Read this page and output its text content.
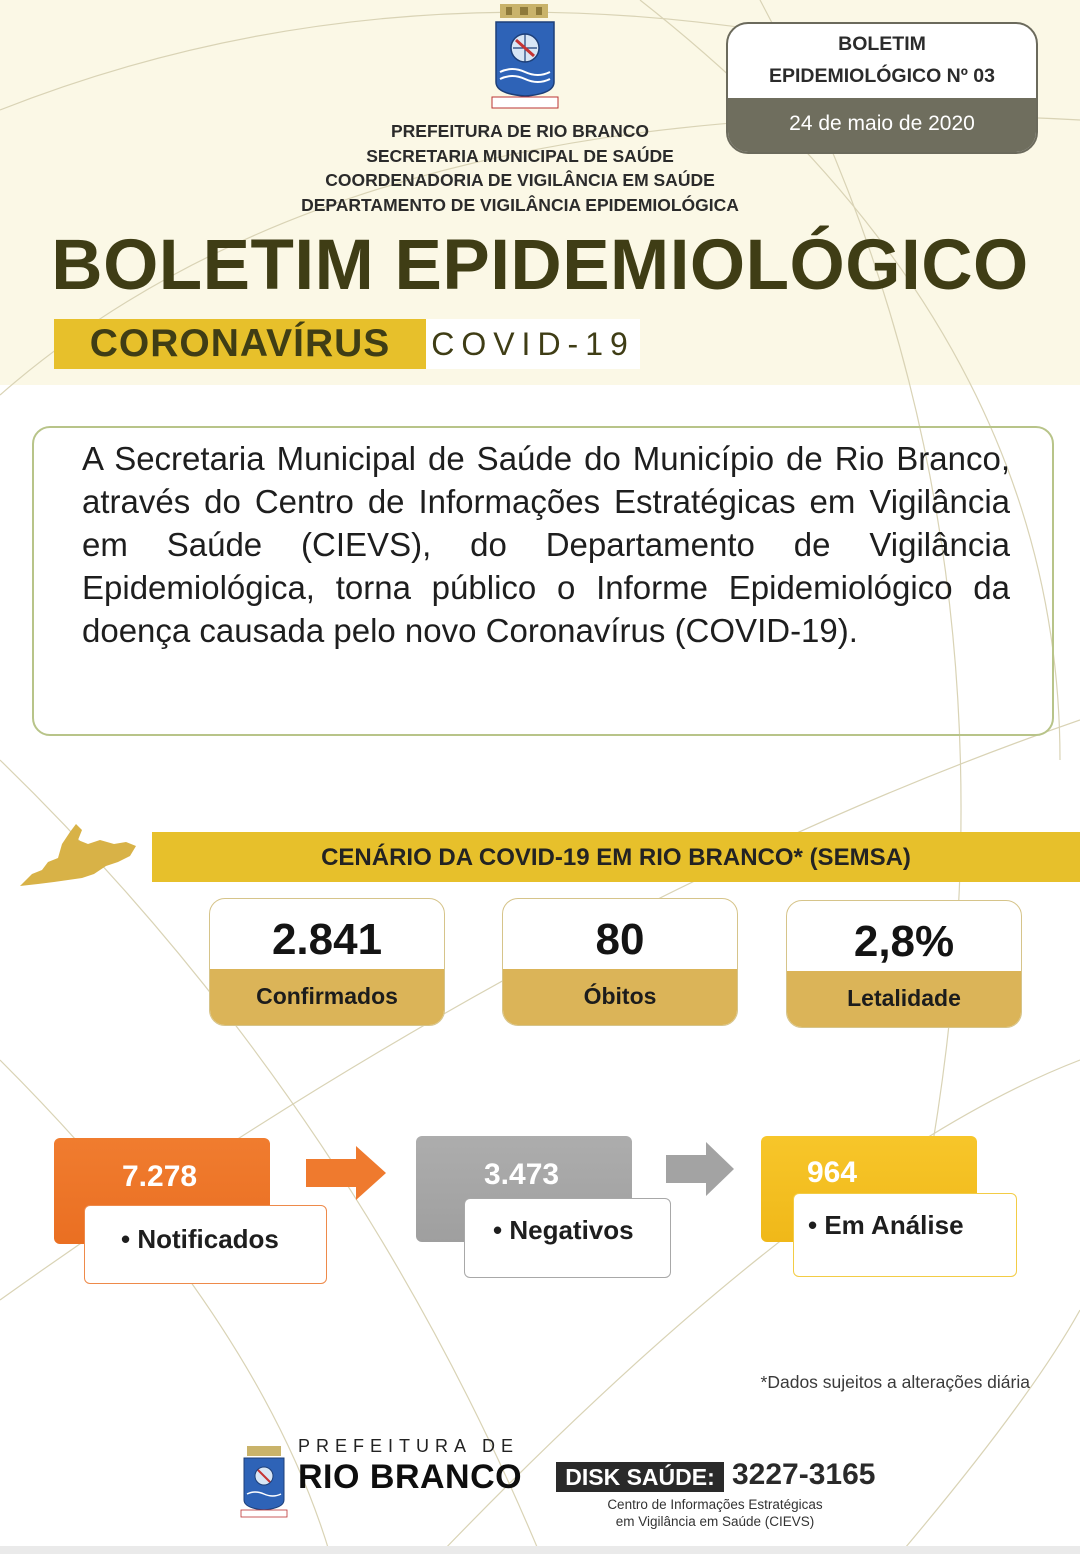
PREFEITURA DE RIO BRANCO
SECRETARIA MUNICIPAL DE SAÚDE
COORDENADORIA DE VIGILÂNCIA EM SAÚDE
DEPARTAMENTO DE VIGILÂNCIA EPIDEMIOLÓGICA
BOLETIM
EPIDEMIOLÓGICO Nº 03
24 de maio de 2020
BOLETIM EPIDEMIOLÓGICO
CORONAVÍRUS	COVID-19
A Secretaria Municipal de Saúde do Município de Rio Branco, através do Centro de Informações Estratégicas em Vigilância em Saúde (CIEVS), do Departamento de Vigilância Epidemiológica, torna público o Informe Epidemiológico da doença causada pelo novo Coronavírus (COVID-19).
CENÁRIO DA COVID-19 EM RIO BRANCO* (SEMSA)
2.841
Confirmados
80
Óbitos
2,8%
Letalidade
7.278
• Notificados
3.473
• Negativos
964
• Em Análise
*Dados sujeitos a alterações diária
PREFEITURA DE
RIO BRANCO	DISK SAÚDE: 3227-3165
Centro de Informações Estratégicas
em Vigilância em Saúde (CIEVS)
